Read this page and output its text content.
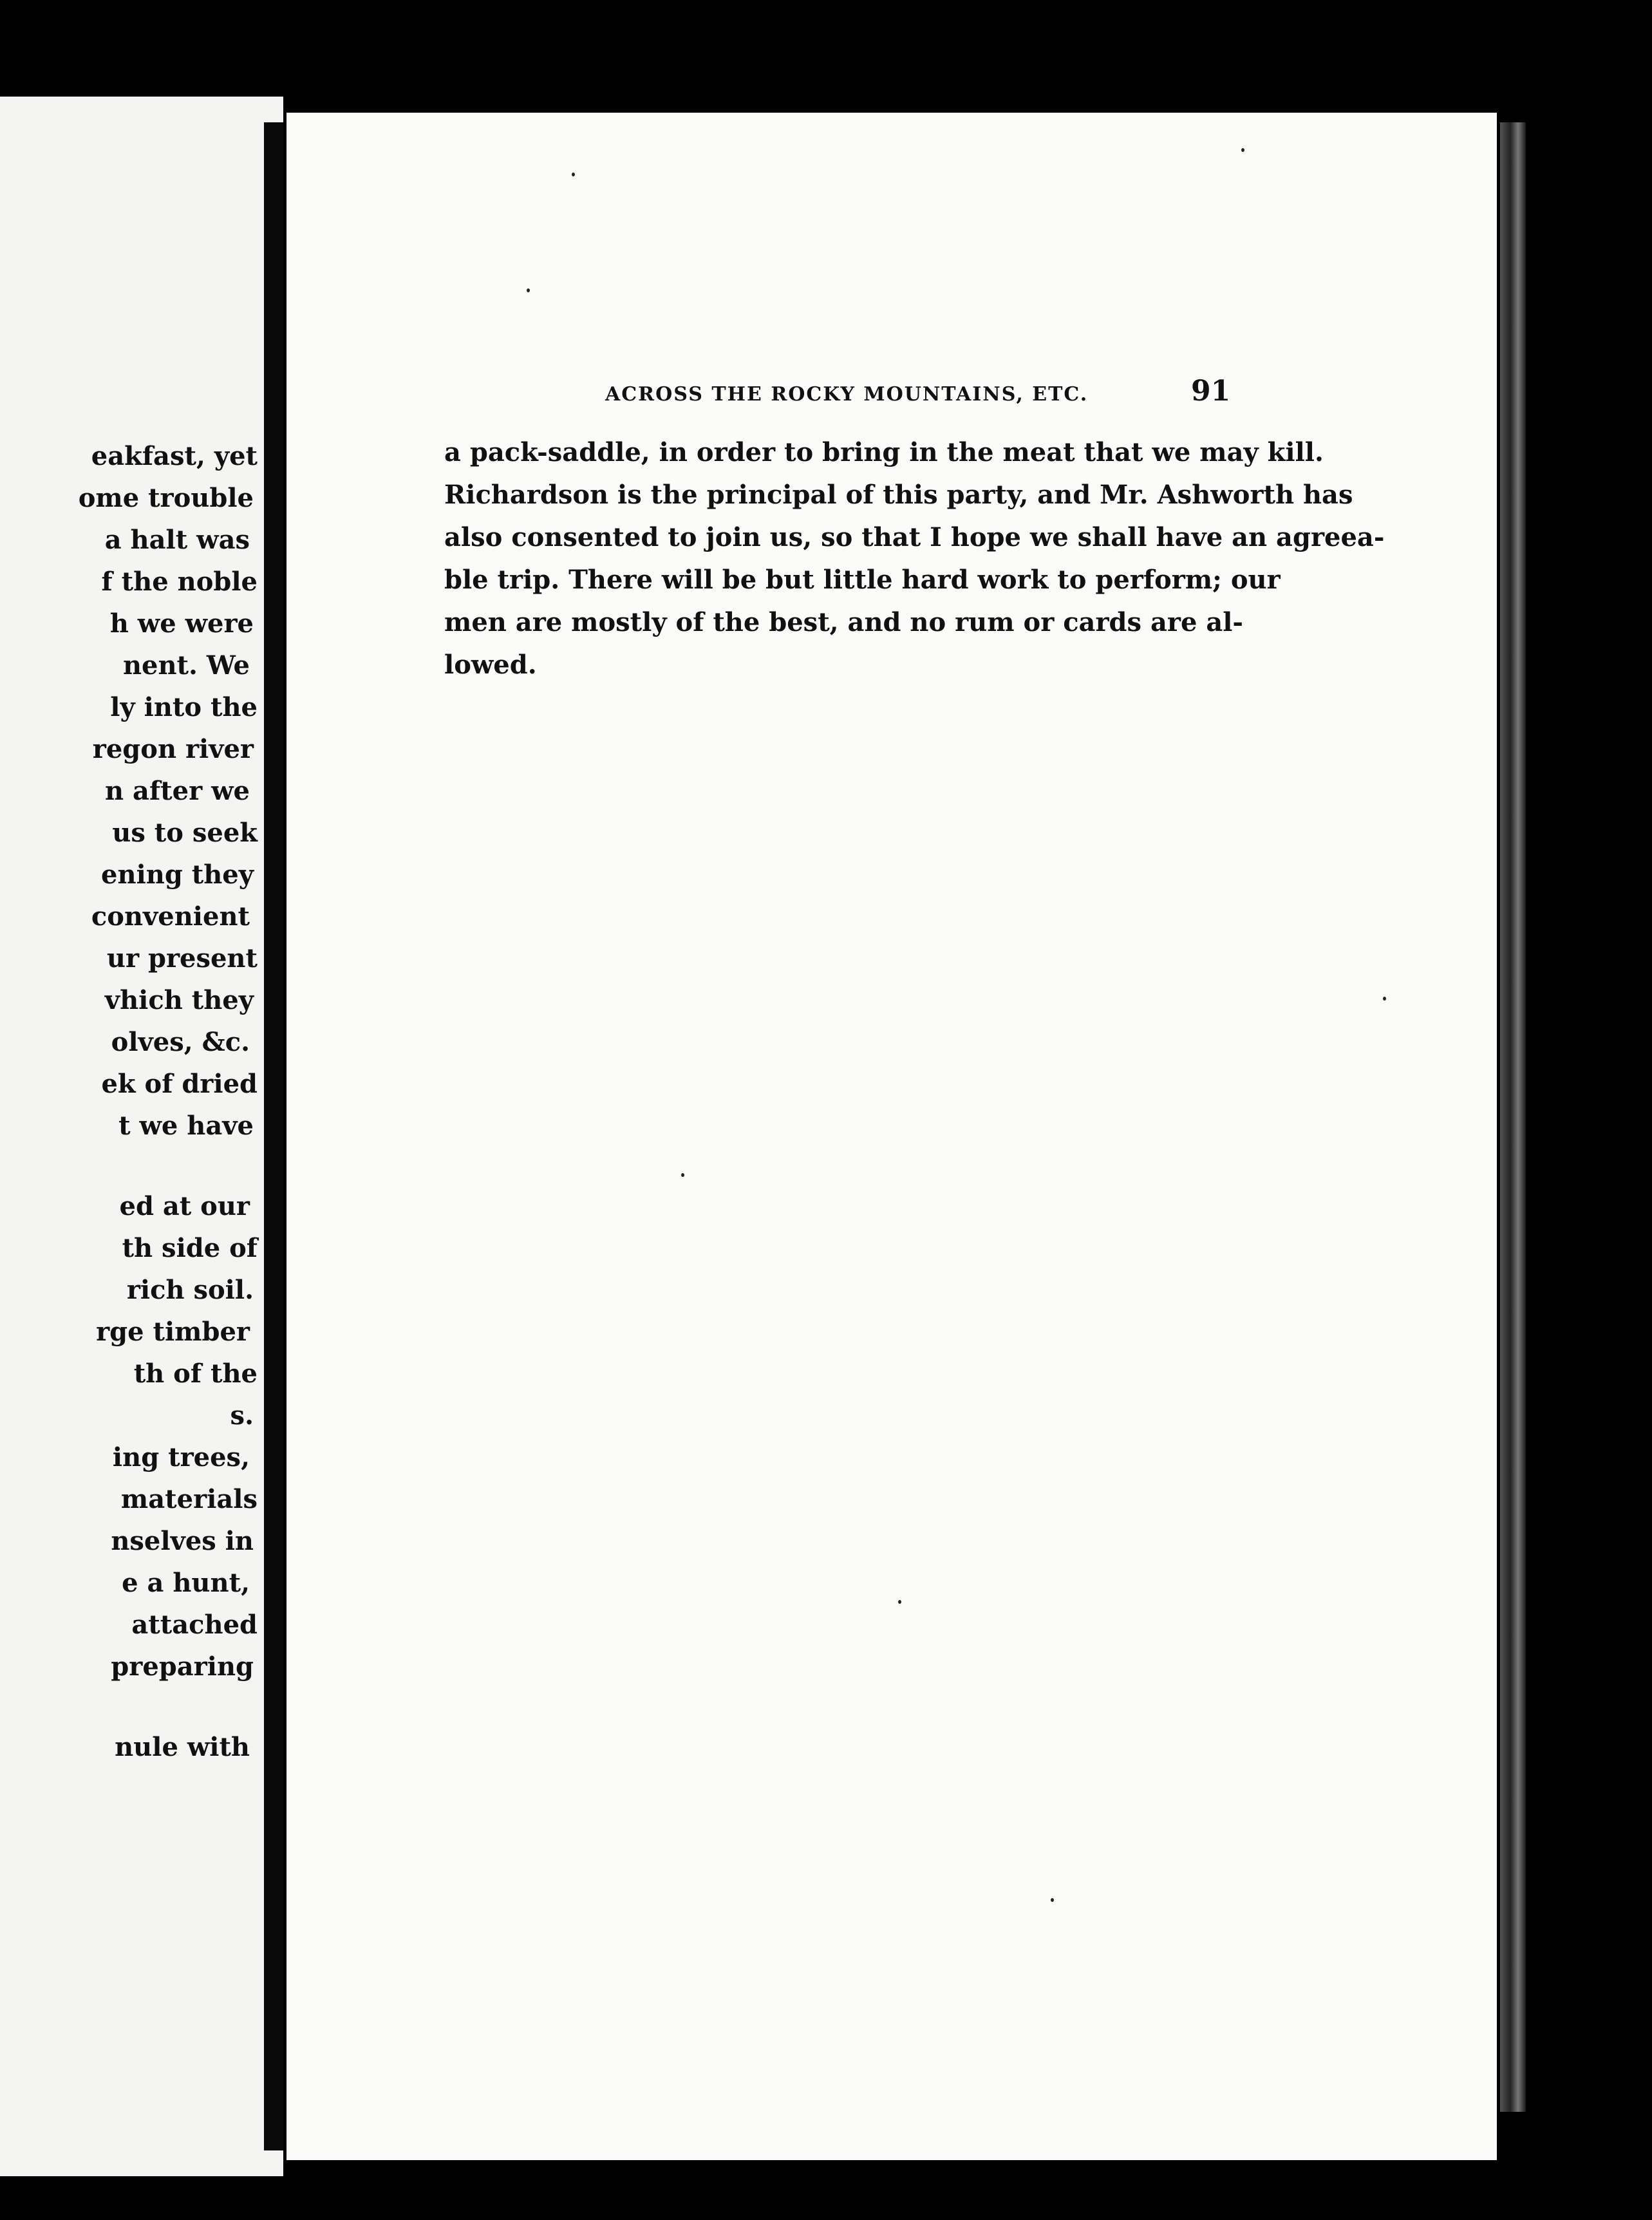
eakfast, yet
ome trouble
a halt was
f the noble
h we were
nent. We
ly into the
regon river
n after we
us to seek
ening they
convenient
ur present
vhich they
olves, &c.
ek of dried
t we have
ed at our
th side of
rich soil.
rge timber
th of the
s.
ing trees,
materials
nselves in
e a hunt,
attached
preparing
nule with
ACROSS THE ROCKY MOUNTAINS, ETC.	91
a pack-saddle, in order to bring in the meat that we may kill.
Richardson is the principal of this party, and Mr. Ashworth has
also consented to join us, so that I hope we shall have an agreea-
ble trip. There will be but little hard work to perform; our
men are mostly of the best, and no rum or cards are al-
lowed.
